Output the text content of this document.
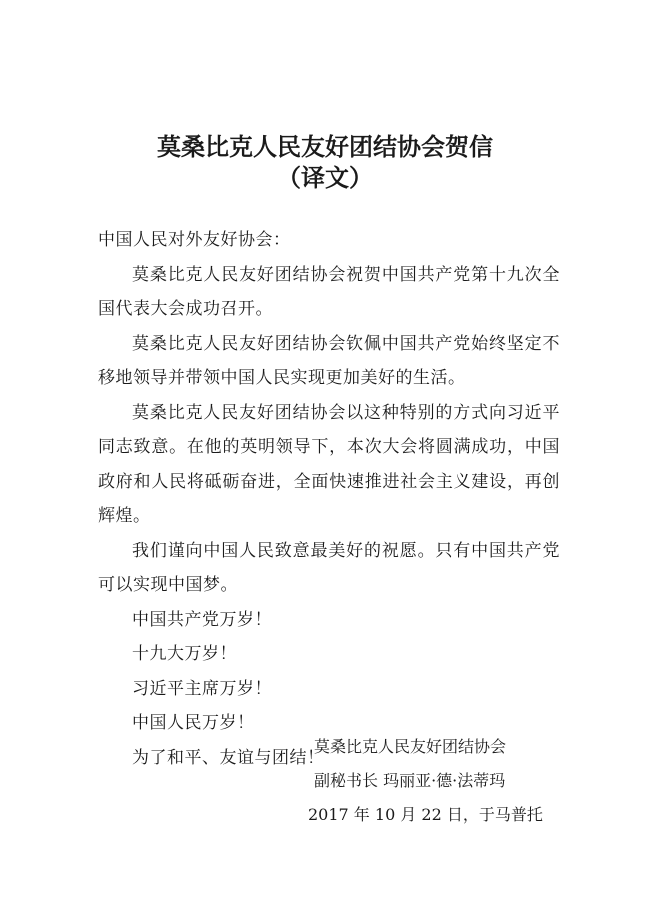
莫桑比克人民友好团结协会贺信
（译文）

中国人民对外友好协会：

莫桑比克人民友好团结协会祝贺中国共产党第十九次全国代表大会成功召开。

莫桑比克人民友好团结协会钦佩中国共产党始终坚定不移地领导并带领中国人民实现更加美好的生活。

莫桑比克人民友好团结协会以这种特别的方式向习近平同志致意。在他的英明领导下，本次大会将圆满成功，中国政府和人民将砥砺奋进，全面快速推进社会主义建设，再创辉煌。

我们谨向中国人民致意最美好的祝愿。只有中国共产党可以实现中国梦。

中国共产党万岁！

十九大万岁！

习近平主席万岁！

中国人民万岁！

为了和平、友谊与团结！

莫桑比克人民友好团结协会

副秘书长 玛丽亚·德·法蒂玛

2017 年 10 月 22 日，于马普托
